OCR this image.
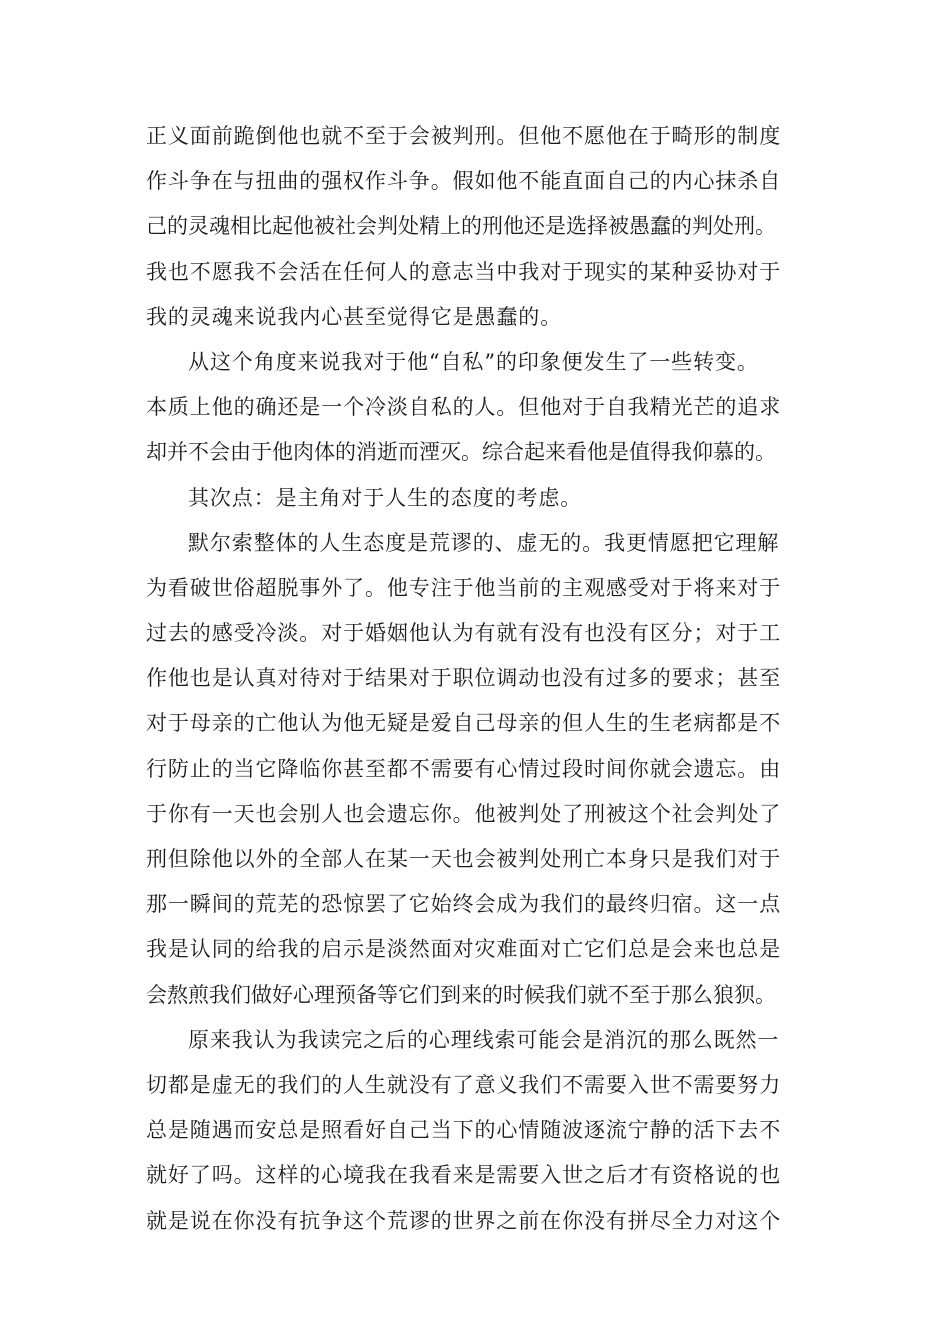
正义面前跪倒他也就不至于会被判刑。但他不愿他在于畸形的制度
作斗争在与扭曲的强权作斗争。假如他不能直面自己的内心抹杀自
己的灵魂相比起他被社会判处精上的刑他还是选择被愚蠢的判处刑。
我也不愿我不会活在任何人的意志当中我对于现实的某种妥协对于
我的灵魂来说我内心甚至觉得它是愚蠢的。
从这个角度来说我对于他“自私”的印象便发生了一些转变。
本质上他的确还是一个冷淡自私的人。但他对于自我精光芒的追求
却并不会由于他肉体的消逝而湮灭。综合起来看他是值得我仰慕的。
其次点：是主角对于人生的态度的考虑。
默尔索整体的人生态度是荒谬的、虚无的。我更情愿把它理解
为看破世俗超脱事外了。他专注于他当前的主观感受对于将来对于
过去的感受冷淡。对于婚姻他认为有就有没有也没有区分；对于工
作他也是认真对待对于结果对于职位调动也没有过多的要求；甚至
对于母亲的亡他认为他无疑是爱自己母亲的但人生的生老病都是不
行防止的当它降临你甚至都不需要有心情过段时间你就会遗忘。由
于你有一天也会别人也会遗忘你。他被判处了刑被这个社会判处了
刑但除他以外的全部人在某一天也会被判处刑亡本身只是我们对于
那一瞬间的荒芜的恐惊罢了它始终会成为我们的最终归宿。这一点
我是认同的给我的启示是淡然面对灾难面对亡它们总是会来也总是
会熬煎我们做好心理预备等它们到来的时候我们就不至于那么狼狈。
原来我认为我读完之后的心理线索可能会是消沉的那么既然一
切都是虚无的我们的人生就没有了意义我们不需要入世不需要努力
总是随遇而安总是照看好自己当下的心情随波逐流宁静的活下去不
就好了吗。这样的心境我在我看来是需要入世之后才有资格说的也
就是说在你没有抗争这个荒谬的世界之前在你没有拼尽全力对这个
